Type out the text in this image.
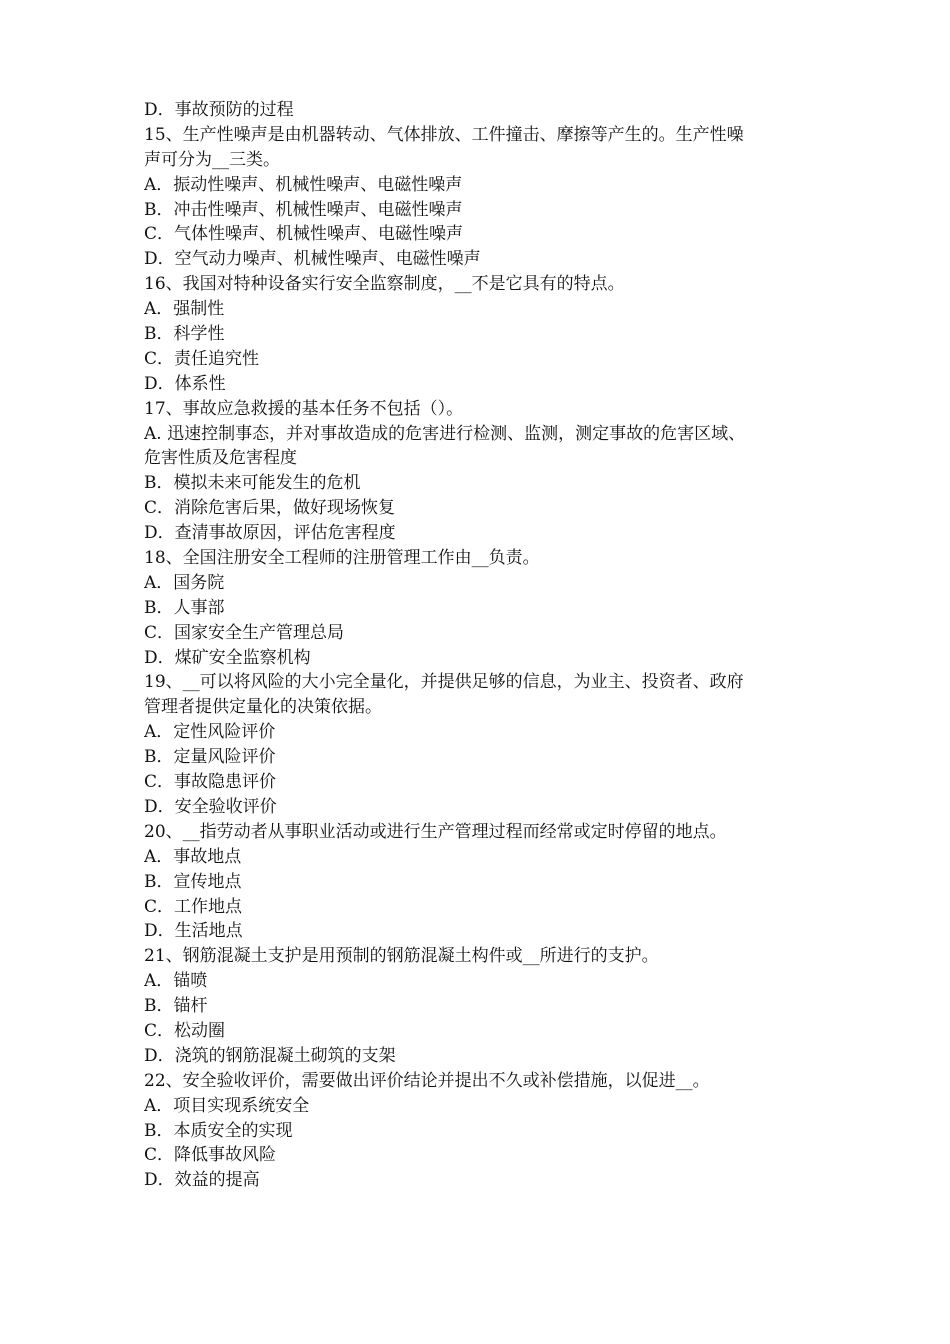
D．事故预防的过程
15、生产性噪声是由机器转动、气体排放、工件撞击、摩擦等产生的。生产性噪
声可分为__三类。
A．振动性噪声、机械性噪声、电磁性噪声
B．冲击性噪声、机械性噪声、电磁性噪声
C．气体性噪声、机械性噪声、电磁性噪声
D．空气动力噪声、机械性噪声、电磁性噪声
16、我国对特种设备实行安全监察制度，__不是它具有的特点。
A．强制性
B．科学性
C．责任追究性
D．体系性
17、事故应急救援的基本任务不包括（）。
A. 迅速控制事态，并对事故造成的危害进行检测、监测，测定事故的危害区域、
危害性质及危害程度
B．模拟未来可能发生的危机
C．消除危害后果，做好现场恢复
D．查清事故原因，评估危害程度
18、全国注册安全工程师的注册管理工作由__负责。
A．国务院
B．人事部
C．国家安全生产管理总局
D．煤矿安全监察机构
19、__可以将风险的大小完全量化，并提供足够的信息，为业主、投资者、政府
管理者提供定量化的决策依据。
A．定性风险评价
B．定量风险评价
C．事故隐患评价
D．安全验收评价
20、__指劳动者从事职业活动或进行生产管理过程而经常或定时停留的地点。
A．事故地点
B．宣传地点
C．工作地点
D．生活地点
21、钢筋混凝土支护是用预制的钢筋混凝土构件或__所进行的支护。
A．锚喷
B．锚杆
C．松动圈
D．浇筑的钢筋混凝土砌筑的支架
22、安全验收评价，需要做出评价结论并提出不久或补偿措施，以促进__。
A．项目实现系统安全
B．本质安全的实现
C．降低事故风险
D．效益的提高
